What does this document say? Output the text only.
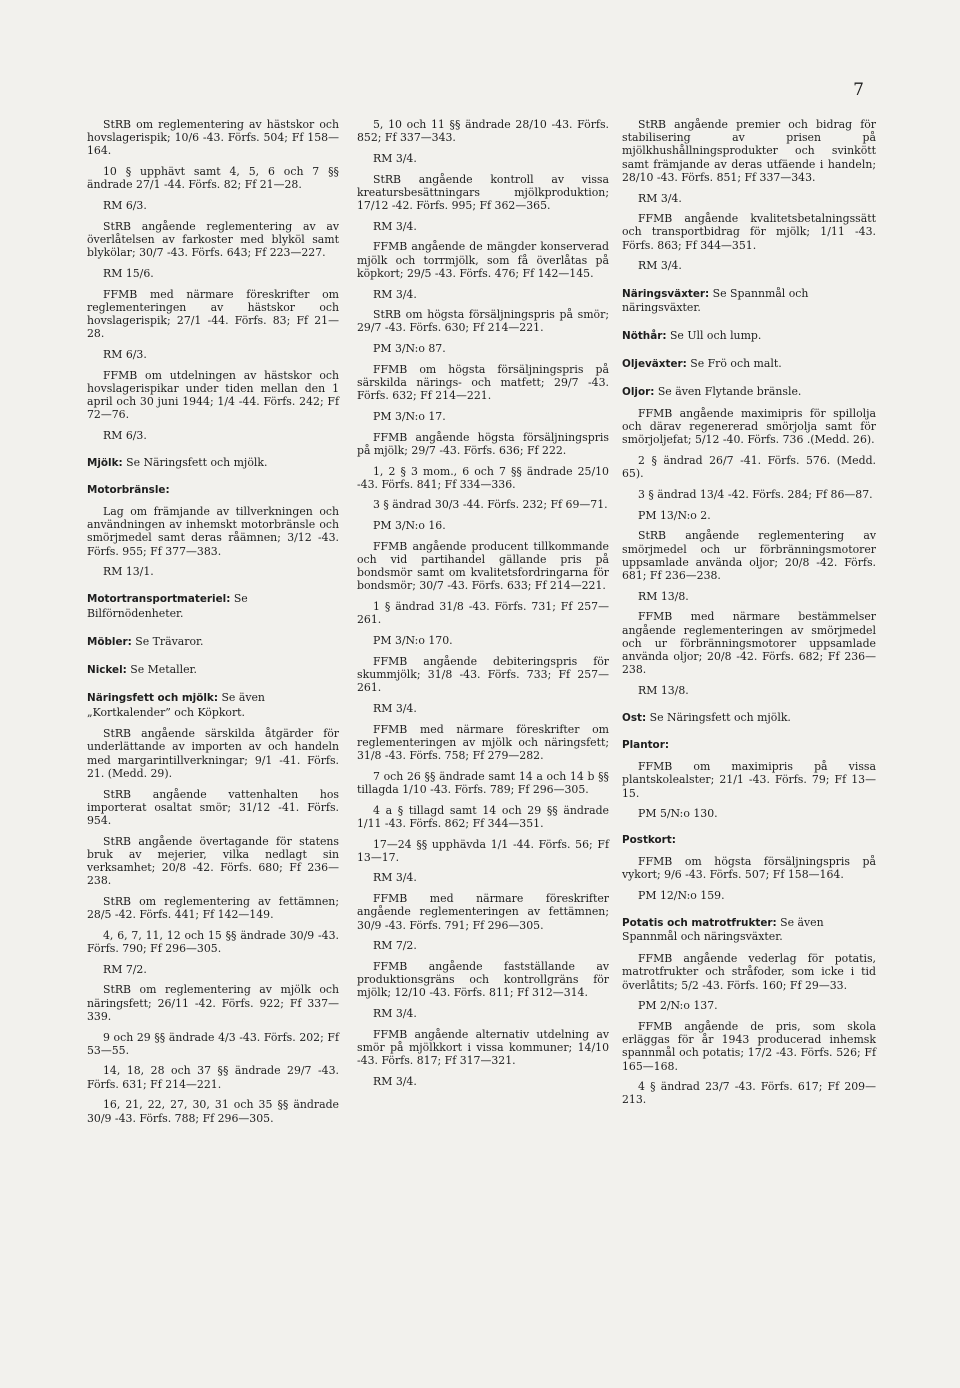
7
StRB om reglementering av hästskor och hovslagerispik; 10/6 -43. Förfs. 504; Ff 158—164.
10 § upphävt samt 4, 5, 6 och 7 §§ ändrade 27/1 -44. Förfs. 82; Ff 21—28.
RM 6/3.
StRB angående reglementering av av överlåtelsen av farkoster med blyköl samt blykölar; 30/7 -43. Förfs. 643; Ff 223—227.
RM 15/6.
FFMB med närmare föreskrifter om reglementeringen av hästskor och hovslagerispik; 27/1 -44. Förfs. 83; Ff 21—28.
RM 6/3.
FFMB om utdelningen av hästskor och hovslagerispikar under tiden mellan den 1 april och 30 juni 1944; 1/4 -44. Förfs. 242; Ff 72—76.
RM 6/3.
Mjölk: Se Näringsfett och mjölk.
Motorbränsle:
Lag om främjande av tillverkningen och användningen av inhemskt motorbränsle och smörjmedel samt deras råämnen; 3/12 -43. Förfs. 955; Ff 377—383.
RM 13/1.
Motortransportmateriel: Se Bilförnödenheter.
Möbler: Se Trävaror.
Nickel: Se Metaller.
Näringsfett och mjölk: Se även „Kortkalender” och Köpkort.
StRB angående särskilda åtgärder för underlättande av importen av och handeln med margarintillverkningar; 9/1 -41. Förfs. 21. (Medd. 29).
StRB angående vattenhalten hos importerat osaltat smör; 31/12 -41. Förfs. 954.
StRB angående övertagande för statens bruk av mejerier, vilka nedlagt sin verksamhet; 20/8 -42. Förfs. 680; Ff 236—238.
StRB om reglementering av fettämnen; 28/5 -42. Förfs. 441; Ff 142—149.
4, 6, 7, 11, 12 och 15 §§ ändrade 30/9 -43. Förfs. 790; Ff 296—305.
RM 7/2.
StRB om reglementering av mjölk och näringsfett; 26/11 -42. Förfs. 922; Ff 337—339.
9 och 29 §§ ändrade 4/3 -43. Förfs. 202; Ff 53—55.
14, 18, 28 och 37 §§ ändrade 29/7 -43. Förfs. 631; Ff 214—221.
16, 21, 22, 27, 30, 31 och 35 §§ ändrade 30/9 -43. Förfs. 788; Ff 296—305.
5, 10 och 11 §§ ändrade 28/10 -43. Förfs. 852; Ff 337—343.
RM 3/4.
StRB angående kontroll av vissa kreatursbesättningars mjölkproduktion; 17/12 -42. Förfs. 995; Ff 362—365.
RM 3/4.
FFMB angående de mängder konserverad mjölk och torrmjölk, som få överlåtas på köpkort; 29/5 -43. Förfs. 476; Ff 142—145.
RM 3/4.
StRB om högsta försäljningspris på smör; 29/7 -43. Förfs. 630; Ff 214—221.
PM 3/N:o 87.
FFMB om högsta försäljningspris på särskilda närings- och matfett; 29/7 -43. Förfs. 632; Ff 214—221.
PM 3/N:o 17.
FFMB angående högsta försäljningspris på mjölk; 29/7 -43. Förfs. 636; Ff 222.
1, 2 § 3 mom., 6 och 7 §§ ändrade 25/10 -43. Förfs. 841; Ff 334—336.
3 § ändrad 30/3 -44. Förfs. 232; Ff 69—71.
PM 3/N:o 16.
FFMB angående producent tillkommande och vid partihandel gällande pris på bondsmör samt om kvalitetsfordringarna för bondsmör; 30/7 -43. Förfs. 633; Ff 214—221.
1 § ändrad 31/8 -43. Förfs. 731; Ff 257—261.
PM 3/N:o 170.
FFMB angående debiteringspris för skummjölk; 31/8 -43. Förfs. 733; Ff 257—261.
RM 3/4.
FFMB med närmare föreskrifter om reglementeringen av mjölk och näringsfett; 31/8 -43. Förfs. 758; Ff 279—282.
7 och 26 §§ ändrade samt 14 a och 14 b §§ tillagda 1/10 -43. Förfs. 789; Ff 296—305.
4 a § tillagd samt 14 och 29 §§ ändrade 1/11 -43. Förfs. 862; Ff 344—351.
17—24 §§ upphävda 1/1 -44. Förfs. 56; Ff 13—17.
RM 3/4.
FFMB med närmare föreskrifter angående reglementeringen av fettämnen; 30/9 -43. Förfs. 791; Ff 296—305.
RM 7/2.
FFMB angående fastställande av produktionsgräns och kontrollgräns för mjölk; 12/10 -43. Förfs. 811; Ff 312—314.
RM 3/4.
FFMB angående alternativ utdelning av smör på mjölkkort i vissa kommuner; 14/10 -43. Förfs. 817; Ff 317—321.
RM 3/4.
StRB angående premier och bidrag för stabilisering av prisen på mjölkhushållningsprodukter och svinkött samt främjande av deras utfäende i handeln; 28/10 -43. Förfs. 851; Ff 337—343.
RM 3/4.
FFMB angående kvalitetsbetalningssätt och transportbidrag för mjölk; 1/11 -43. Förfs. 863; Ff 344—351.
RM 3/4.
Näringsväxter: Se Spannmål och näringsväxter.
Nöthår: Se Ull och lump.
Oljeväxter: Se Frö och malt.
Oljor: Se även Flytande bränsle.
FFMB angående maximipris för spillolja och därav regenererad smörjolja samt för smörjoljefat; 5/12 -40. Förfs. 736 .(Medd. 26).
2 § ändrad 26/7 -41. Förfs. 576. (Medd. 65).
3 § ändrad 13/4 -42. Förfs. 284; Ff 86—87.
PM 13/N:o 2.
StRB angående reglementering av smörjmedel och ur förbränningsmotorer uppsamlade använda oljor; 20/8 -42. Förfs. 681; Ff 236—238.
RM 13/8.
FFMB med närmare bestämmelser angående reglementeringen av smörjmedel och ur förbränningsmotorer uppsamlade använda oljor; 20/8 -42. Förfs. 682; Ff 236—238.
RM 13/8.
Ost: Se Näringsfett och mjölk.
Plantor:
FFMB om maximipris på vissa plantskolealster; 21/1 -43. Förfs. 79; Ff 13—15.
PM 5/N:o 130.
Postkort:
FFMB om högsta försäljningspris på vykort; 9/6 -43. Förfs. 507; Ff 158—164.
PM 12/N:o 159.
Potatis och matrotfrukter: Se även Spannmål och näringsväxter.
FFMB angående vederlag för potatis, matrotfrukter och stråfoder, som icke i tid överlåtits; 5/2 -43. Förfs. 160; Ff 29—33.
PM 2/N:o 137.
FFMB angående de pris, som skola erläggas för år 1943 producerad inhemsk spannmål och potatis; 17/2 -43. Förfs. 526; Ff 165—168.
4 § ändrad 23/7 -43. Förfs. 617; Ff 209—213.
